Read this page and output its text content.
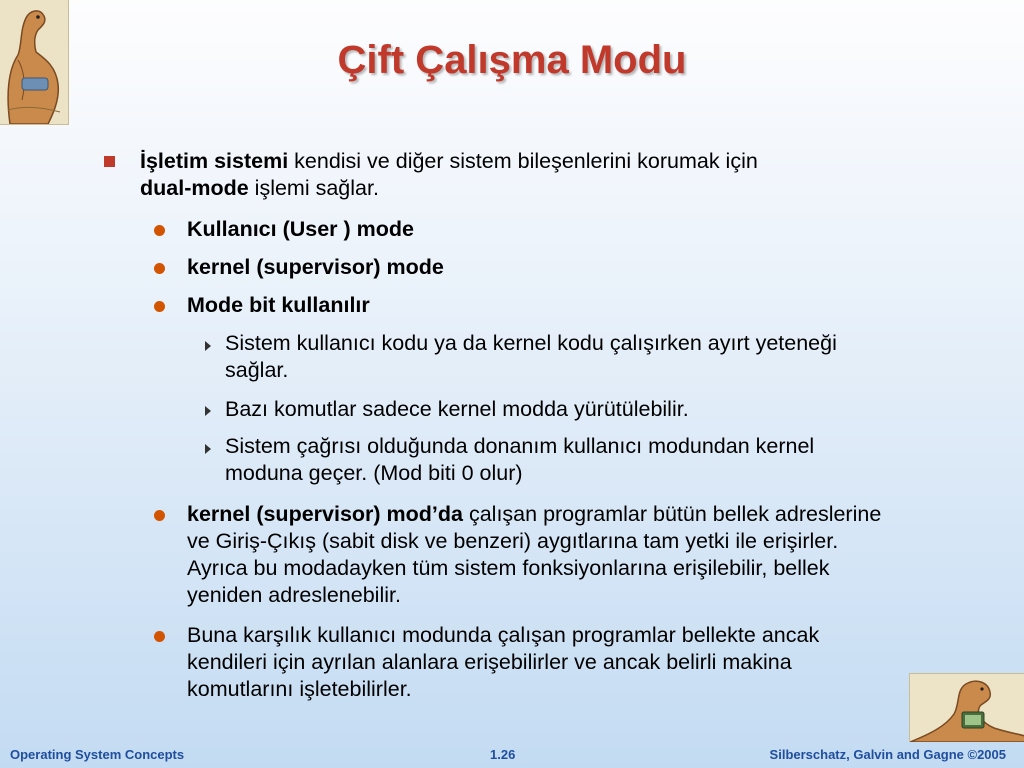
Çift Çalışma Modu
İşletim sistemi kendisi ve diğer sistem bileşenlerini korumak için
dual-mode işlemi sağlar.
Kullanıcı (User ) mode
kernel (supervisor) mode
Mode bit kullanılır
Sistem kullanıcı kodu ya da kernel kodu çalışırken ayırt yeteneği sağlar.
Bazı komutlar sadece kernel modda yürütülebilir.
Sistem çağrısı olduğunda donanım kullanıcı modundan kernel moduna geçer. (Mod biti 0 olur)
kernel (supervisor) mod’da çalışan programlar bütün bellek adreslerine ve Giriş-Çıkış (sabit disk ve benzeri) aygıtlarına tam yetki ile erişirler. Ayrıca bu modadayken tüm sistem fonksiyonlarına erişilebilir, bellek yeniden adreslenebilir.
Buna karşılık kullanıcı modunda çalışan programlar bellekte ancak kendileri için ayrılan alanlara erişebilirler ve ancak belirli makina komutlarını işletebilirler.
Operating System Concepts	1.26	Silberschatz, Galvin and Gagne ©2005
